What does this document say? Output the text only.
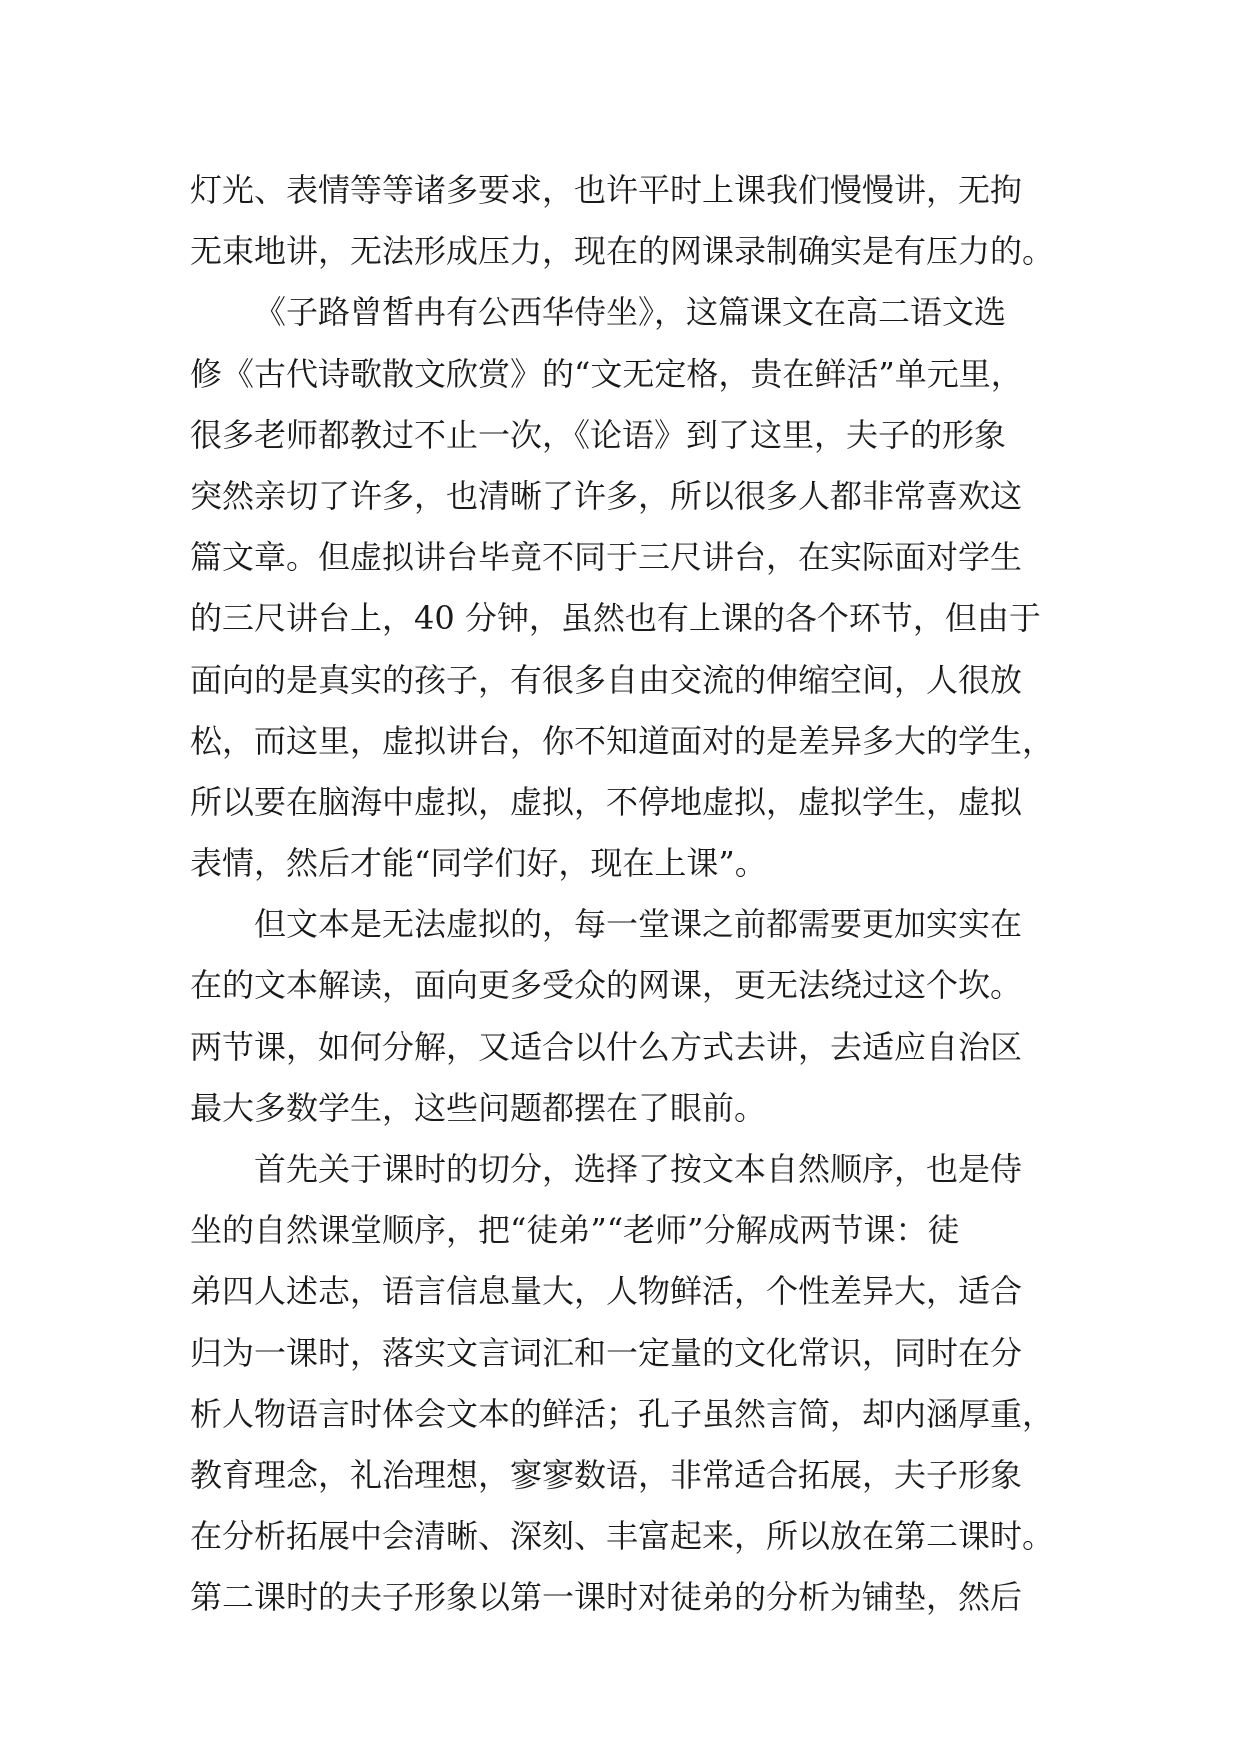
灯光、表情等等诸多要求，也许平时上课我们慢慢讲，无拘
无束地讲，无法形成压力，现在的网课录制确实是有压力的。
《子路曾皙冉有公西华侍坐》，这篇课文在高二语文选
修《古代诗歌散文欣赏》的“文无定格，贵在鲜活”单元里，
很多老师都教过不止一次，《论语》到了这里，夫子的形象
突然亲切了许多，也清晰了许多，所以很多人都非常喜欢这
篇文章。但虚拟讲台毕竟不同于三尺讲台，在实际面对学生
的三尺讲台上，40 分钟，虽然也有上课的各个环节，但由于
面向的是真实的孩子，有很多自由交流的伸缩空间，人很放
松，而这里，虚拟讲台，你不知道面对的是差异多大的学生，
所以要在脑海中虚拟，虚拟，不停地虚拟，虚拟学生，虚拟
表情，然后才能“同学们好，现在上课”。
但文本是无法虚拟的，每一堂课之前都需要更加实实在
在的文本解读，面向更多受众的网课，更无法绕过这个坎。
两节课，如何分解，又适合以什么方式去讲，去适应自治区
最大多数学生，这些问题都摆在了眼前。
首先关于课时的切分，选择了按文本自然顺序，也是侍
坐的自然课堂顺序，把“徒弟”“老师”分解成两节课：徒
弟四人述志，语言信息量大，人物鲜活，个性差异大，适合
归为一课时，落实文言词汇和一定量的文化常识，同时在分
析人物语言时体会文本的鲜活；孔子虽然言简，却内涵厚重，
教育理念，礼治理想，寥寥数语，非常适合拓展，夫子形象
在分析拓展中会清晰、深刻、丰富起来，所以放在第二课时。
第二课时的夫子形象以第一课时对徒弟的分析为铺垫，然后
